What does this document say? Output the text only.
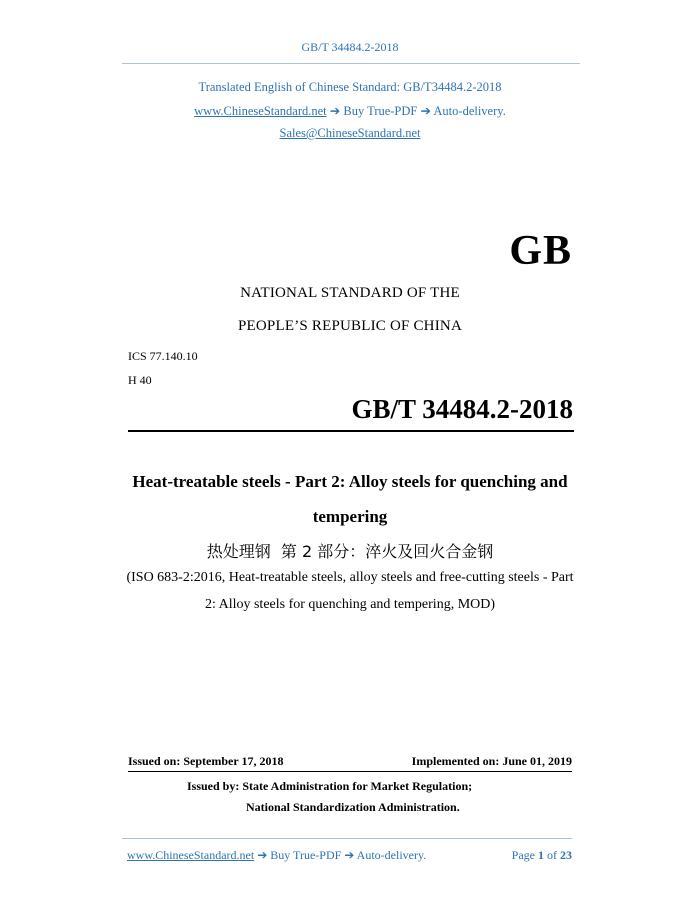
GB/T 34484.2-2018
Translated English of Chinese Standard: GB/T34484.2-2018
www.ChineseStandard.net ➔ Buy True-PDF ➔ Auto-delivery.
Sales@ChineseStandard.net
GB
NATIONAL STANDARD OF THE
PEOPLE’S REPUBLIC OF CHINA
ICS 77.140.10
H 40
GB/T 34484.2-2018
Heat-treatable steels - Part 2: Alloy steels for quenching and
tempering
热处理钢  第 2 部分：淬火及回火合金钢
(ISO 683-2:2016, Heat-treatable steels, alloy steels and free-cutting steels - Part
2: Alloy steels for quenching and tempering, MOD)
Issued on: September 17, 2018	Implemented on: June 01, 2019
Issued by: State Administration for Market Regulation;
National Standardization Administration.
www.ChineseStandard.net ➔ Buy True-PDF ➔ Auto-delivery.	Page 1 of 23
